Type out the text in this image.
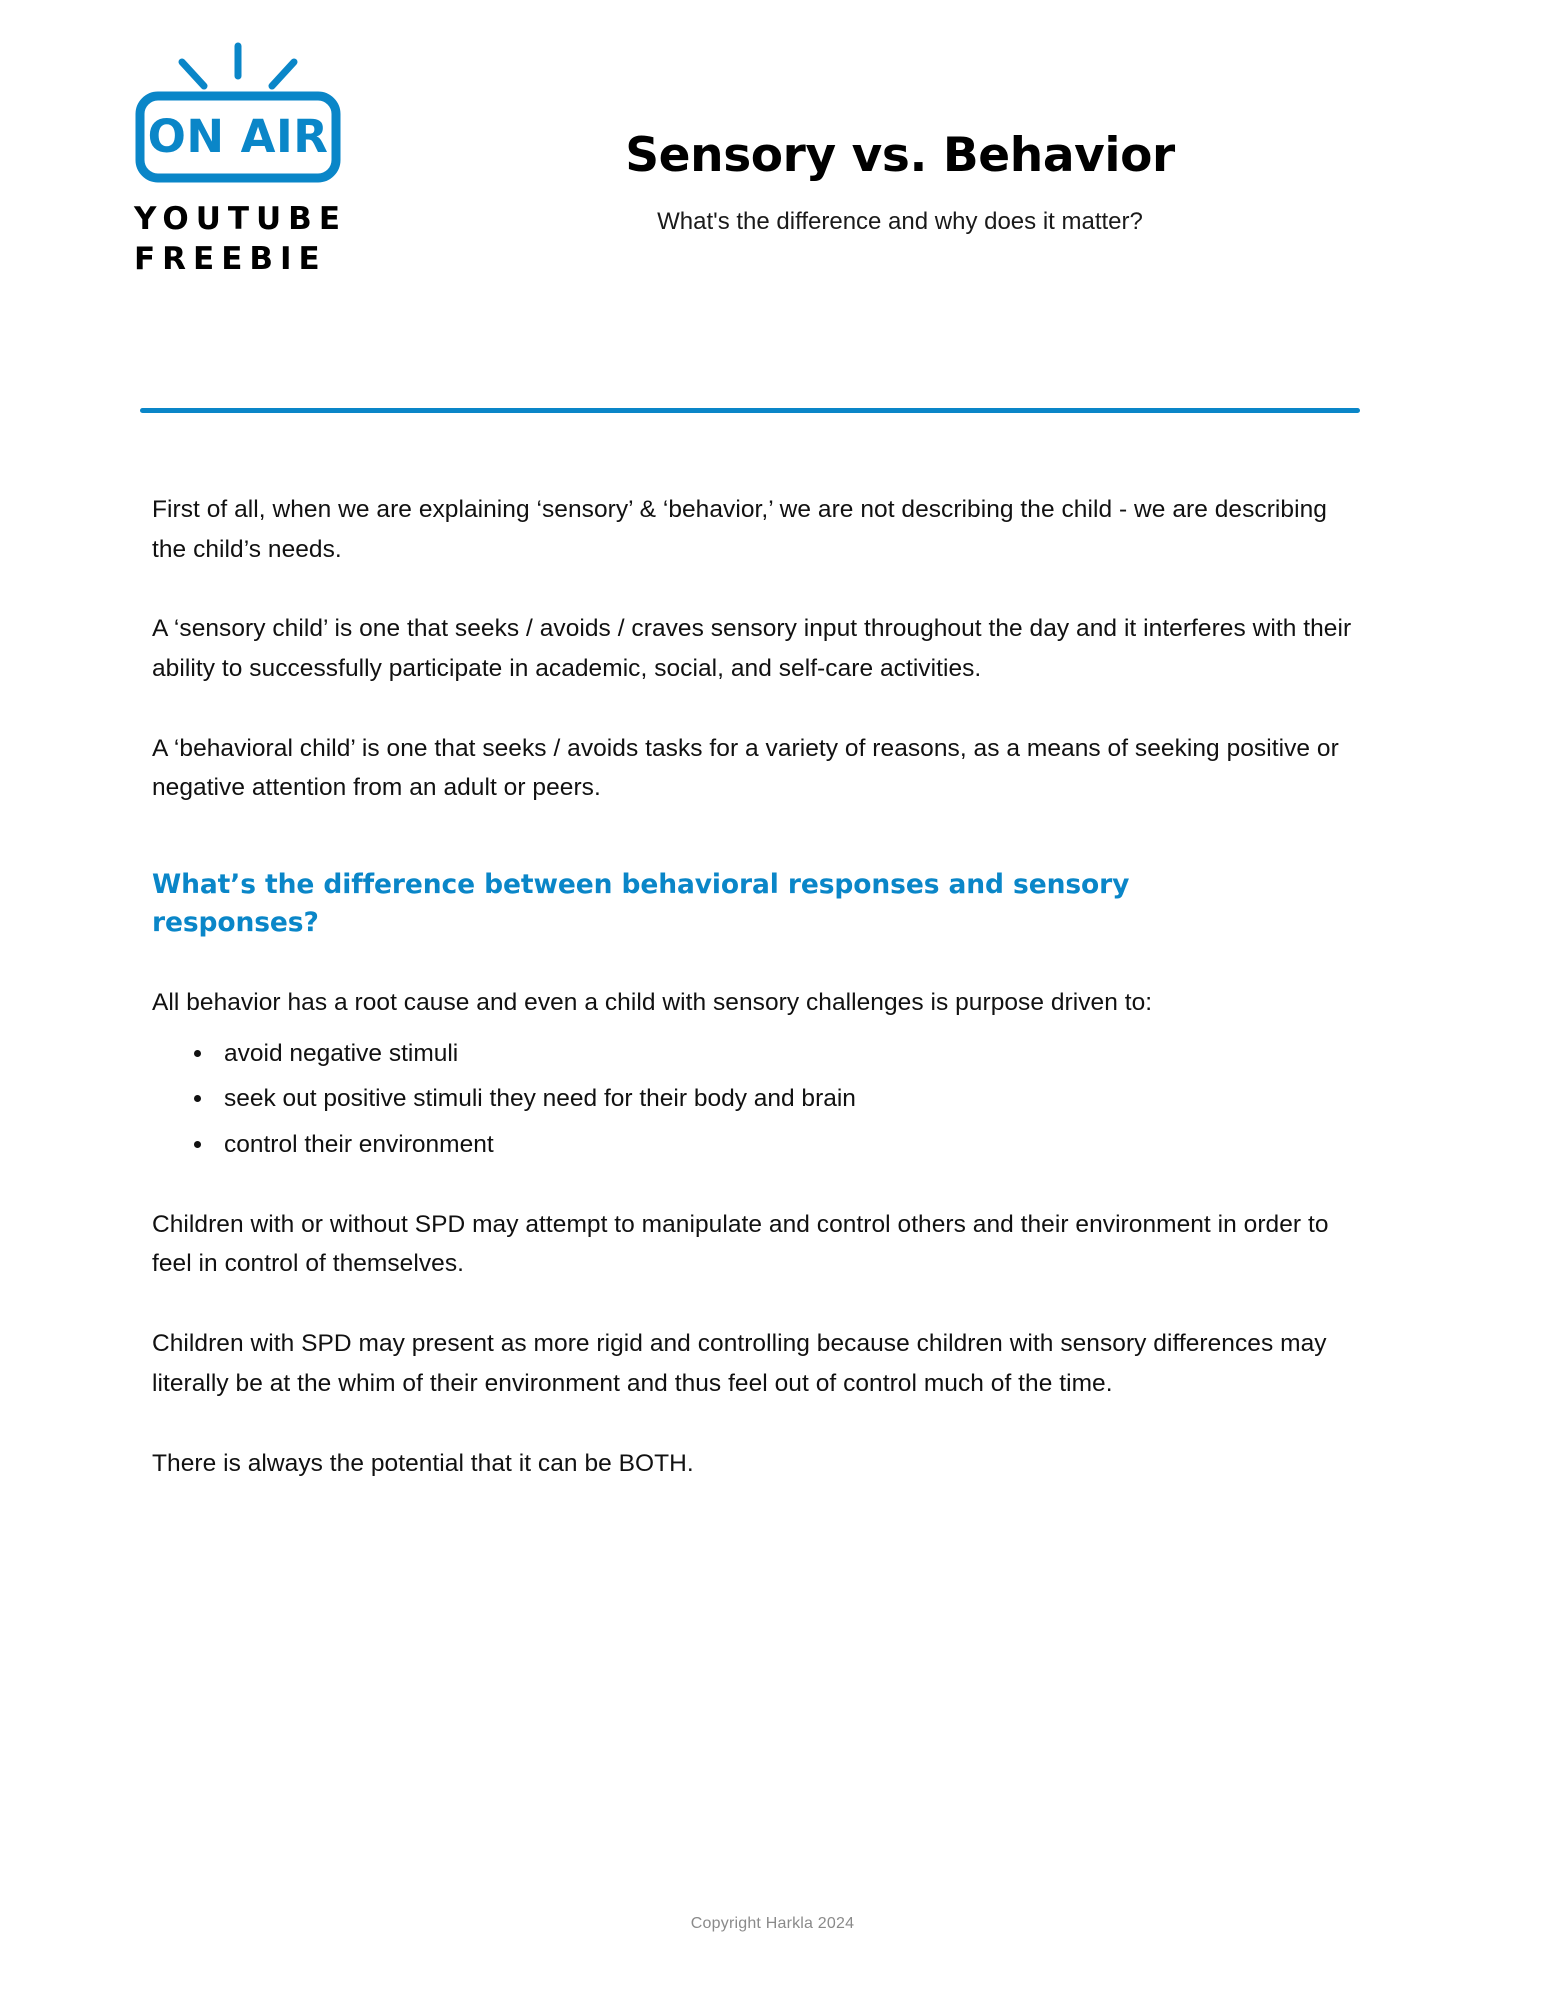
ON AIR
YOUTUBE
FREEBIE
Sensory vs. Behavior
What's the difference and why does it matter?

First of all, when we are explaining ‘sensory’ & ‘behavior,’ we are not describing the child - we are describing the child’s needs.

A ‘sensory child’ is one that seeks / avoids / craves sensory input throughout the day and it interferes with their ability to successfully participate in academic, social, and self-care activities.

A ‘behavioral child’ is one that seeks / avoids tasks for a variety of reasons, as a means of seeking positive or negative attention from an adult or peers.

What’s the difference between behavioral responses and sensory responses?

All behavior has a root cause and even a child with sensory challenges is purpose driven to:

avoid negative stimuli
seek out positive stimuli they need for their body and brain
control their environment

Children with or without SPD may attempt to manipulate and control others and their environment in order to feel in control of themselves.

Children with SPD may present as more rigid and controlling because children with sensory differences may literally be at the whim of their environment and thus feel out of control much of the time.

There is always the potential that it can be BOTH.

Copyright Harkla 2024
